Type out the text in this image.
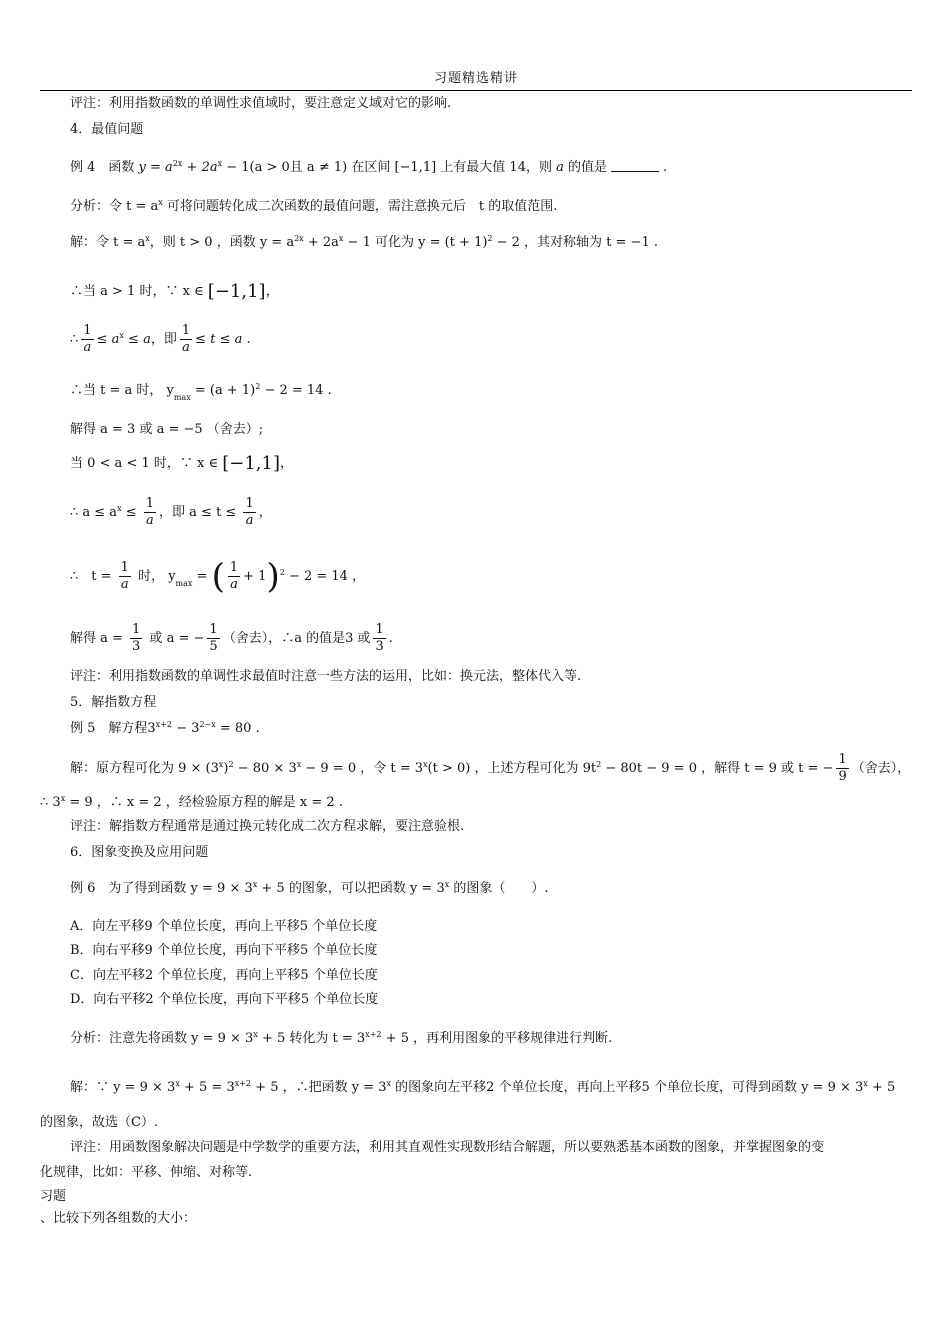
习题精选精讲
评注：利用指数函数的单调性求值域时，要注意定义域对它的影响.
4．最值问题
例 4　函数 $y = a^{2x} + 2a^x - 1(a > 0$且 a ≠ 1) 在区间 [−1,1] 上有最大值 14，则 a 的值是	.
分析：令 $t = a^x$ 可将问题转化成二次函数的最值问题，需注意换元后　t 的取值范围.
解：令 $t = a^x$，则 t > 0 ，函数 $y = a^{2x} + 2a^x - 1$ 可化为 $y = (t + 1)^2 - 2$ ，其对称轴为 t = −1 .
∴当 a > 1 时，∵ x ∈ [−1,1]，
∴ $\frac{1}{a} \le a^x \le a$，即 $\frac{1}{a} \le t \le a$ .
∴当 t = a 时， $y_{max} = (a + 1)^2 - 2 = 14$ .
解得 a = 3 或 a = −5 （舍去）;
当 0 < a < 1 时，∵ x ∈ [−1,1]，
∴ $a \le a^x \le \frac{1}{a}$ ，即 $a \le t \le \frac{1}{a}$ ，
∴　$t = \frac{1}{a}$ 时， $y_{max}$ = ( $\frac{1}{a} + 1)^2 - 2 = 14$ ，
解得 $a = \frac{1}{3}$ 或 a = − $\frac{1}{5}$ （舍去），∴a 的值是3 或 $\frac{1}{3}$ .
评注：利用指数函数的单调性求最值时注意一些方法的运用，比如：换元法，整体代入等.
5．解指数方程
例 5　解方程$3^{x+2} - 3^{2-x} = 80$ .
解：原方程可化为 $9 \times (3^x)^2 - 80 \times 3^x - 9 = 0$ ，令 $t = 3^x(t > 0)$ ，上述方程可化为 $9t^2 - 80t - 9 = 0$ ，解得 t = 9 或 t = − $\frac{1}{9}$ （舍去），
∴ $3^x = 9$ ，∴ x = 2 ，经检验原方程的解是 x = 2 .
评注：解指数方程通常是通过换元转化成二次方程求解，要注意验根.
6．图象变换及应用问题
例 6　为了得到函数 $y = 9 \times 3^x + 5$ 的图象，可以把函数 $y = 3^x$ 的图象（　　）.
A．向左平移9 个单位长度，再向上平移5 个单位长度
B．向右平移9 个单位长度，再向下平移5 个单位长度
C．向左平移2 个单位长度，再向上平移5 个单位长度
D．向右平移2 个单位长度，再向下平移5 个单位长度
分析：注意先将函数 $y = 9 \times 3^x + 5$ 转化为 $t = 3^{x+2} + 5$ ，再利用图象的平移规律进行判断.
解：∵ $y = 9 \times 3^x + 5 = 3^{x+2} + 5$ ，∴把函数 $y = 3^x$ 的图象向左平移2 个单位长度，再向上平移5 个单位长度，可得到函数 $y = 9 \times 3^x + 5$
的图象，故选（C）.
评注：用函数图象解决问题是中学数学的重要方法，利用其直观性实现数形结合解题，所以要熟悉基本函数的图象，并掌握图象的变
化规律，比如：平移、伸缩、对称等.
习题
、比较下列各组数的大小：
